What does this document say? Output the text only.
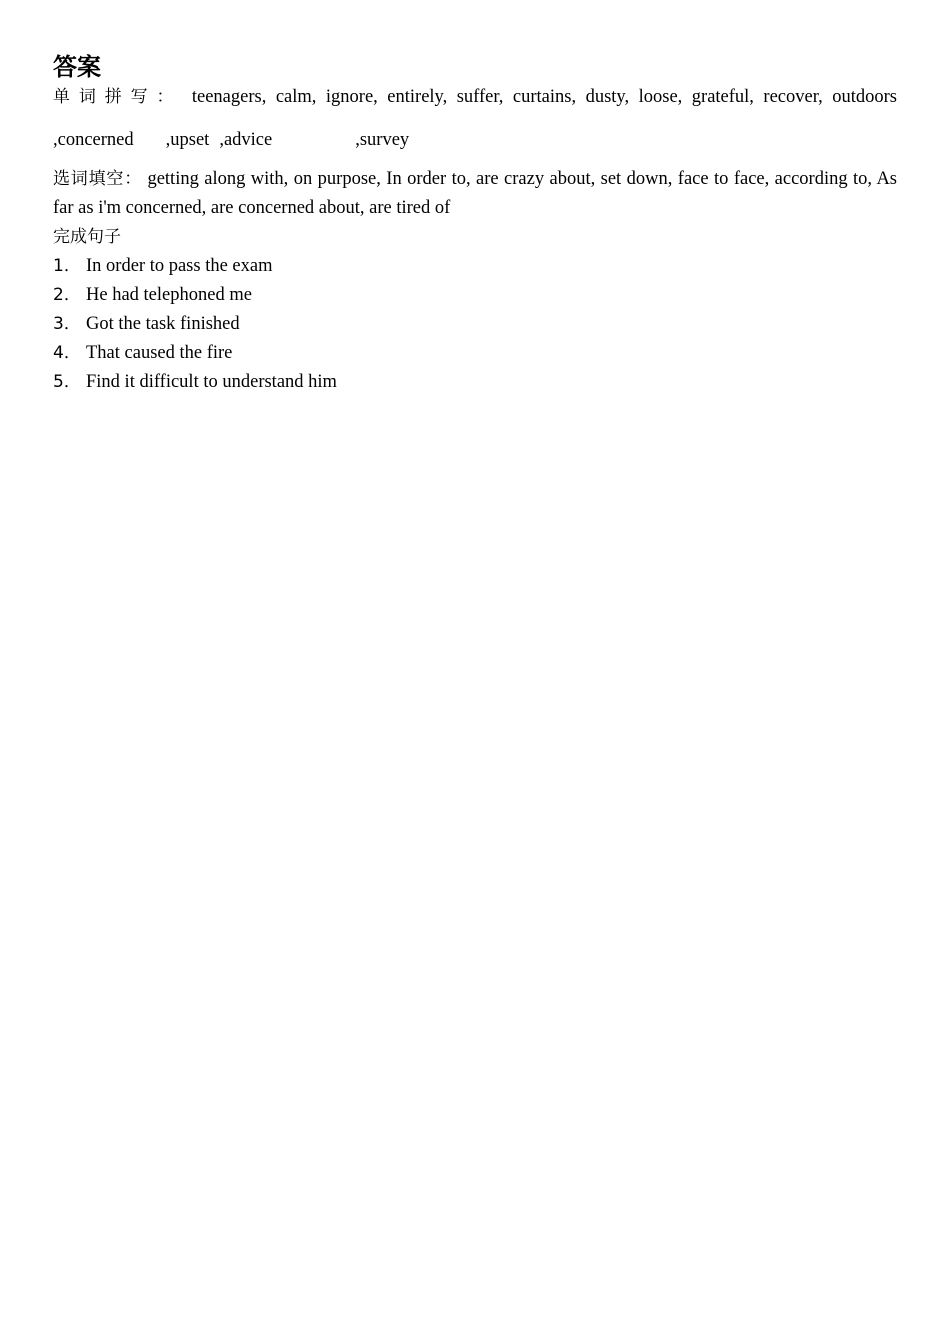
答案
单词拼写： teenagers, calm, ignore, entirely, suffer, curtains, dusty, loose, grateful, recover, outdoors
,concerned ,upset ,advice	,survey
选词填空： getting along with, on purpose, In order to, are crazy about, set down, face to face, according to, As far as i'm concerned, are concerned about, are tired of
完成句子
1． In order to pass the exam
2． He had telephoned me
3． Got the task finished
4． That caused the fire
5． Find it difficult to understand him
